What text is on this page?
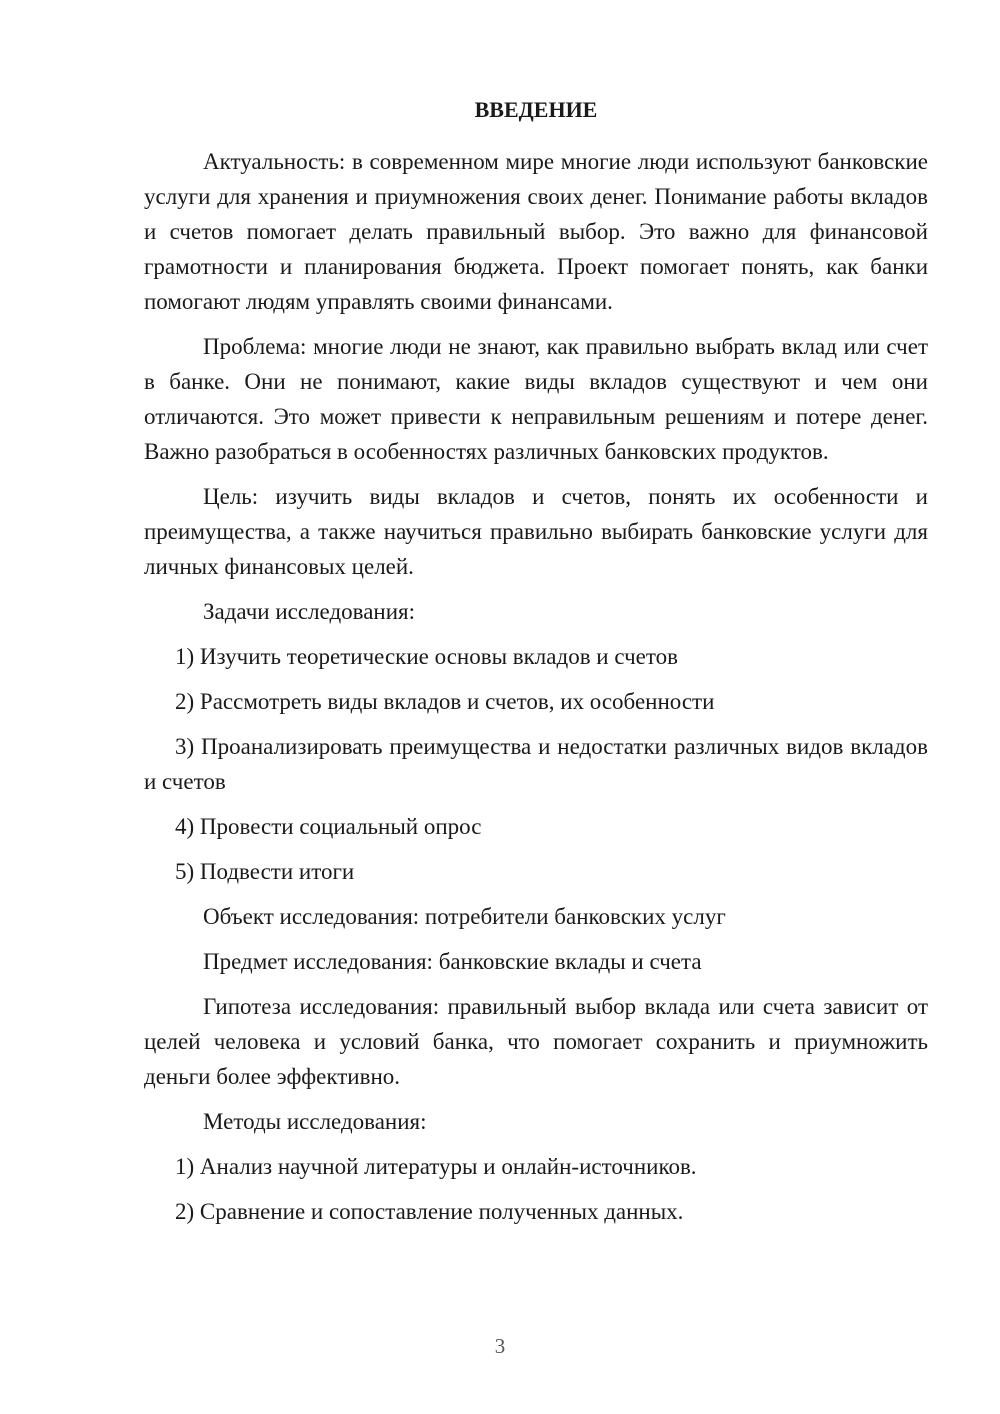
ВВЕДЕНИЕ

Актуальность: в современном мире многие люди используют банковские услуги для хранения и приумножения своих денег. Понимание работы вкладов и счетов помогает делать правильный выбор. Это важно для финансовой грамотности и планирования бюджета. Проект помогает понять, как банки помогают людям управлять своими финансами.

Проблема: многие люди не знают, как правильно выбрать вклад или счет в банке. Они не понимают, какие виды вкладов существуют и чем они отличаются. Это может привести к неправильным решениям и потере денег. Важно разобраться в особенностях различных банковских продуктов.

Цель: изучить виды вкладов и счетов, понять их особенности и преимущества, а также научиться правильно выбирать банковские услуги для личных финансовых целей.

Задачи исследования:
1) Изучить теоретические основы вкладов и счетов
2) Рассмотреть виды вкладов и счетов, их особенности
3) Проанализировать преимущества и недостатки различных видов вкладов и счетов
4) Провести социальный опрос
5) Подвести итоги
Объект исследования: потребители банковских услуг
Предмет исследования: банковские вклады и счета

Гипотеза исследования: правильный выбор вклада или счета зависит от целей человека и условий банка, что помогает сохранить и приумножить деньги более эффективно.

Методы исследования:
1) Анализ научной литературы и онлайн-источников.
2) Сравнение и сопоставление полученных данных.
3
